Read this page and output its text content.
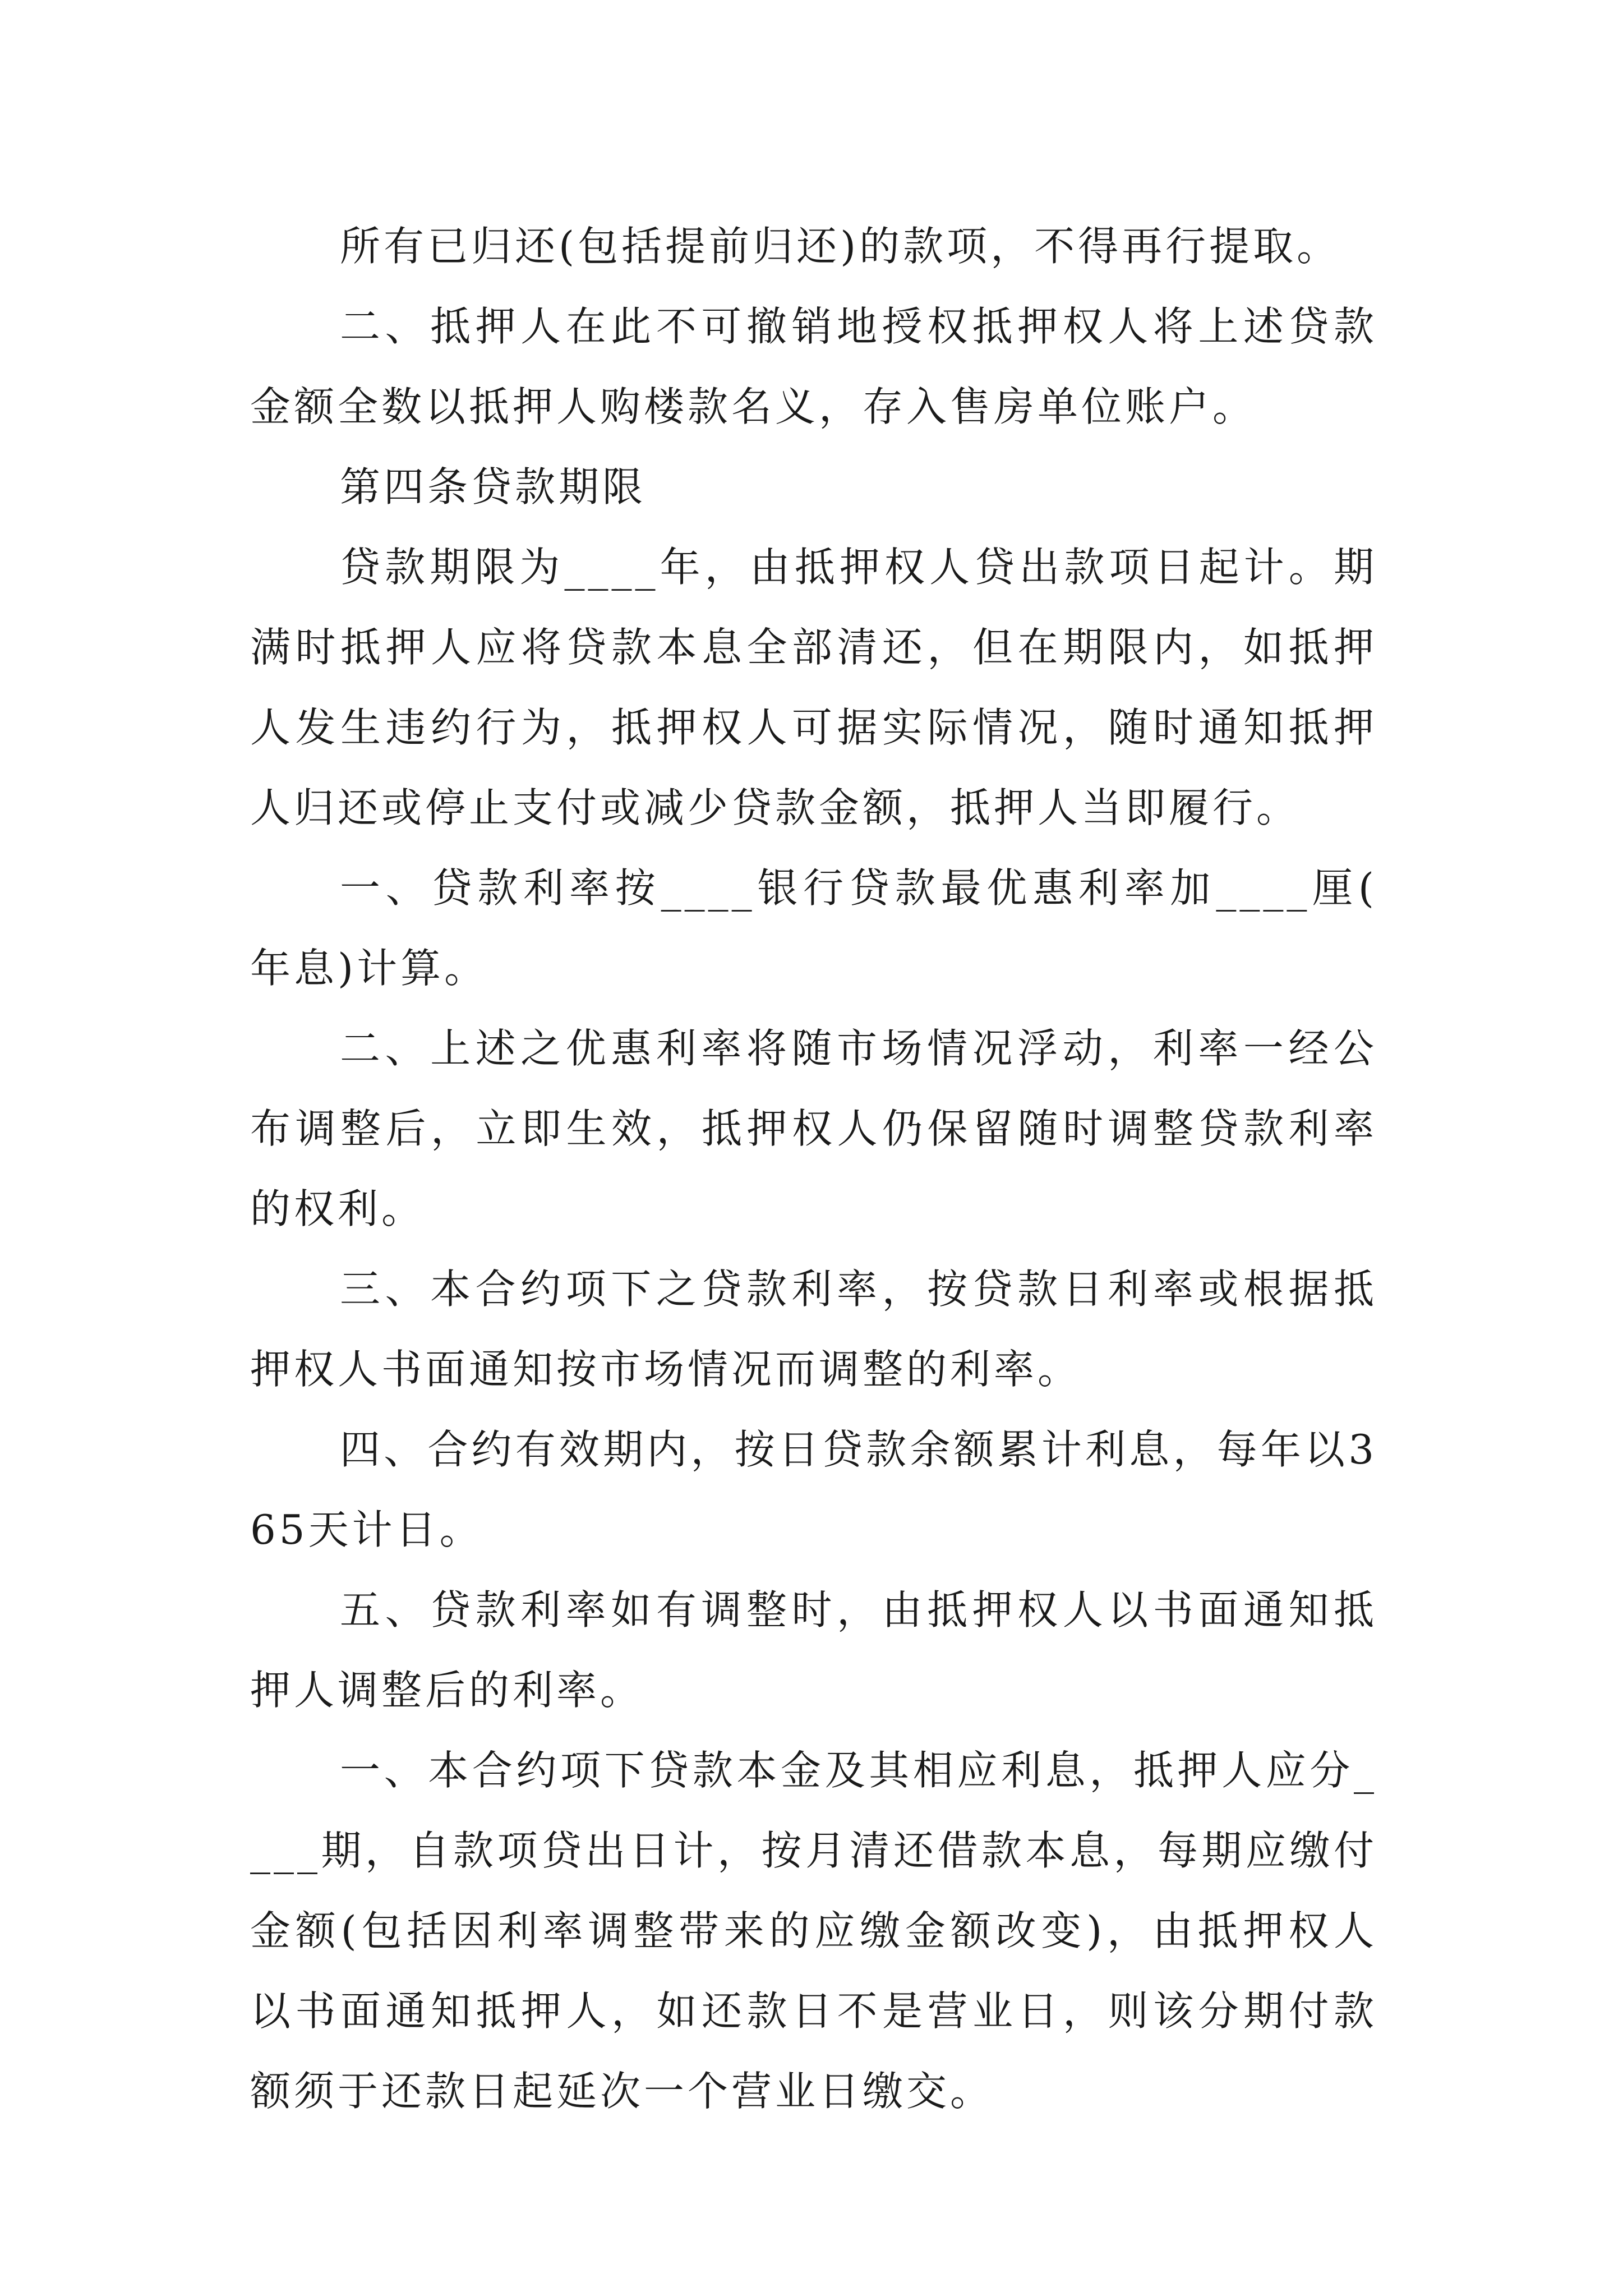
所有已归还(包括提前归还)的款项，不得再行提取。

二、抵押人在此不可撤销地授权抵押权人将上述贷款金额全数以抵押人购楼款名义，存入售房单位账户。

第四条贷款期限

贷款期限为____年，由抵押权人贷出款项日起计。期满时抵押人应将贷款本息全部清还，但在期限内，如抵押人发生违约行为，抵押权人可据实际情况，随时通知抵押人归还或停止支付或减少贷款金额，抵押人当即履行。

一、贷款利率按____银行贷款最优惠利率加____厘(年息)计算。

二、上述之优惠利率将随市场情况浮动，利率一经公布调整后，立即生效，抵押权人仍保留随时调整贷款利率的权利。

三、本合约项下之贷款利率，按贷款日利率或根据抵押权人书面通知按市场情况而调整的利率。

四、合约有效期内，按日贷款余额累计利息，每年以365天计日。

五、贷款利率如有调整时，由抵押权人以书面通知抵押人调整后的利率。

一、本合约项下贷款本金及其相应利息，抵押人应分____期，自款项贷出日计，按月清还借款本息，每期应缴付金额(包括因利率调整带来的应缴金额改变)，由抵押权人以书面通知抵押人，如还款日不是营业日，则该分期付款额须于还款日起延次一个营业日缴交。
